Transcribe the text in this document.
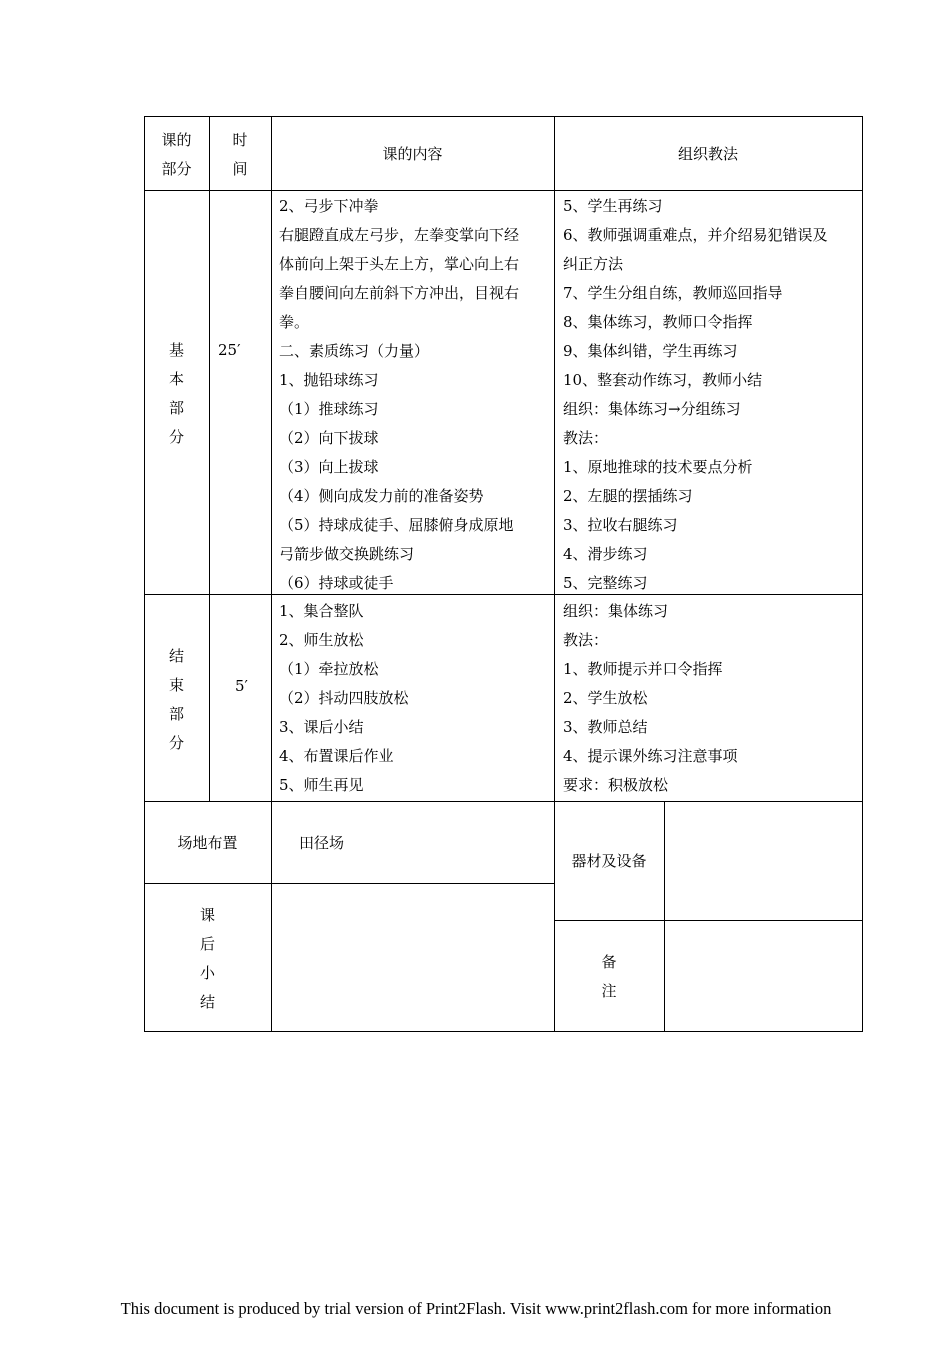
课的
部分
时
间
课的内容	组织教法
基
本
部
分
25′
2、弓步下冲拳
右腿蹬直成左弓步，左拳变掌向下经
体前向上架于头左上方，掌心向上右
拳自腰间向左前斜下方冲出，目视右
拳。
二、素质练习（力量）
1、抛铅球练习
（1）推球练习
（2）向下拔球
（3）向上拔球
（4）侧向成发力前的准备姿势
（5）持球成徒手、屈膝俯身成原地
弓箭步做交换跳练习
（6）持球或徒手
5、学生再练习
6、教师强调重难点，并介绍易犯错误及
纠正方法
7、学生分组自练，教师巡回指导
8、集体练习，教师口令指挥
9、集体纠错，学生再练习
10、整套动作练习，教师小结
组织：集体练习→分组练习
教法：
1、原地推球的技术要点分析
2、左腿的摆插练习
3、拉收右腿练习
4、滑步练习
5、完整练习
结
束
部
分
5′
1、集合整队
2、师生放松
（1）牵拉放松
（2）抖动四肢放松
3、课后小结
4、布置课后作业
5、师生再见
组织：集体练习
教法：
1、教师提示并口令指挥
2、学生放松
3、教师总结
4、提示课外练习注意事项
要求：积极放松
场地布置	田径场
器材及设备
课
后
小
结
备
注
This document is produced by trial version of Print2Flash. Visit www.print2flash.com for more information
